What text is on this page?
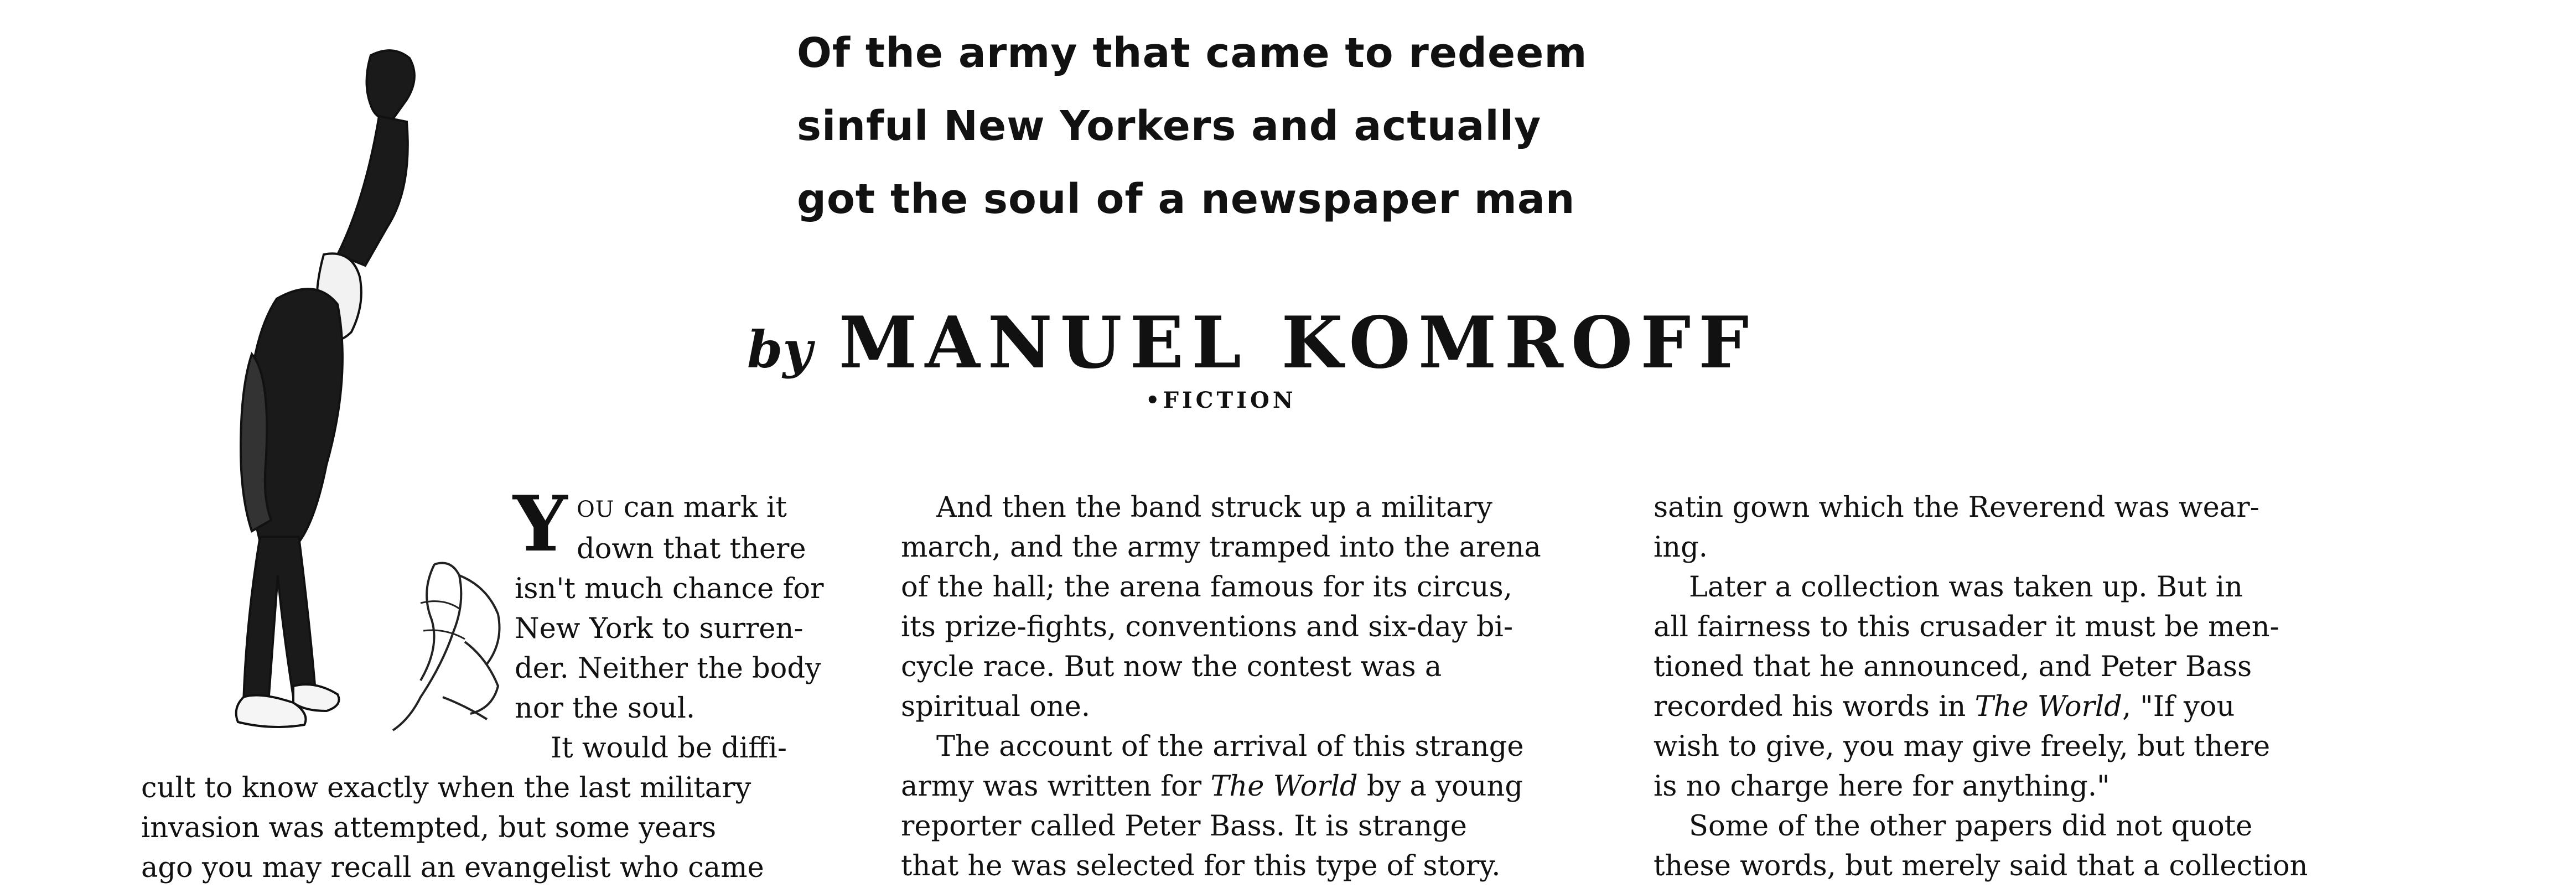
Of the army that came to redeem
sinful New Yorkers and actually
got the soul of a newspaper man
by MANUEL KOMROFF
•FICTION
Y OU can mark it
down that there
isn't much chance for
New York to surren-
der. Neither the body
nor the soul.
It would be diffi-
cult to know exactly when the last military
invasion was attempted, but some years
ago you may recall an evangelist who came
And then the band struck up a military
march, and the army tramped into the arena
of the hall; the arena famous for its circus,
its prize-fights, conventions and six-day bi-
cycle race. But now the contest was a
spiritual one.
The account of the arrival of this strange
army was written for The World by a young
reporter called Peter Bass. It is strange
that he was selected for this type of story.
satin gown which the Reverend was wear-
ing.
Later a collection was taken up. But in
all fairness to this crusader it must be men-
tioned that he announced, and Peter Bass
recorded his words in The World, "If you
wish to give, you may give freely, but there
is no charge here for anything."
Some of the other papers did not quote
these words, but merely said that a collection
